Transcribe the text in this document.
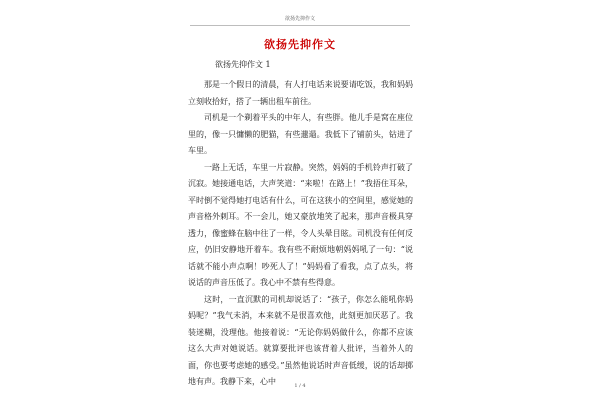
欲扬先抑作文
欲扬先抑作文
欲扬先抑作文 1

那是一个假日的清晨，有人打电话来说要请吃饭，我和妈妈立刻收拾好，搭了一辆出租车前往。

司机是一个剃着平头的中年人，有些胖。他儿手是窝在座位里的，像一只慵懒的肥猫，有些邋遢。我低下了铺前头，钻进了车里。

一路上无话，车里一片寂静。突然，妈妈的手机铃声打破了沉寂。她接通电话，大声笑道：“来啦！在路上！”我捂住耳朵，平时倒不觉得她打电话有什么，可在这狭小的空间里，感觉她的声音格外刺耳。不一会儿，她又豪放地笑了起来，那声音极具穿透力，像蜜蜂在脑中往了一样，令人头晕目眩。司机没有任何反应，仍旧安静地开着车。我有些不耐烦地朝妈妈吼了一句：“说话就不能小声点啊！吵死人了！”妈妈看了看我，点了点头，将说话的声音压低了。我心中不禁有些得意。

这时，一直沉默的司机却说话了：“孩子，你怎么能吼你妈妈呢？”我气未消，本来就不是很喜欢他，此刻更加厌恶了。我装迷糊，没理他。他接着说：“无论你妈妈做什么，你都不应该这么大声对她说话。就算要批评也该背着人批评，当着外人的面，你也要考虑她的感受。”虽然他说话时声音低缓，说的话却掷地有声。我静下来，心中	1 / 4
